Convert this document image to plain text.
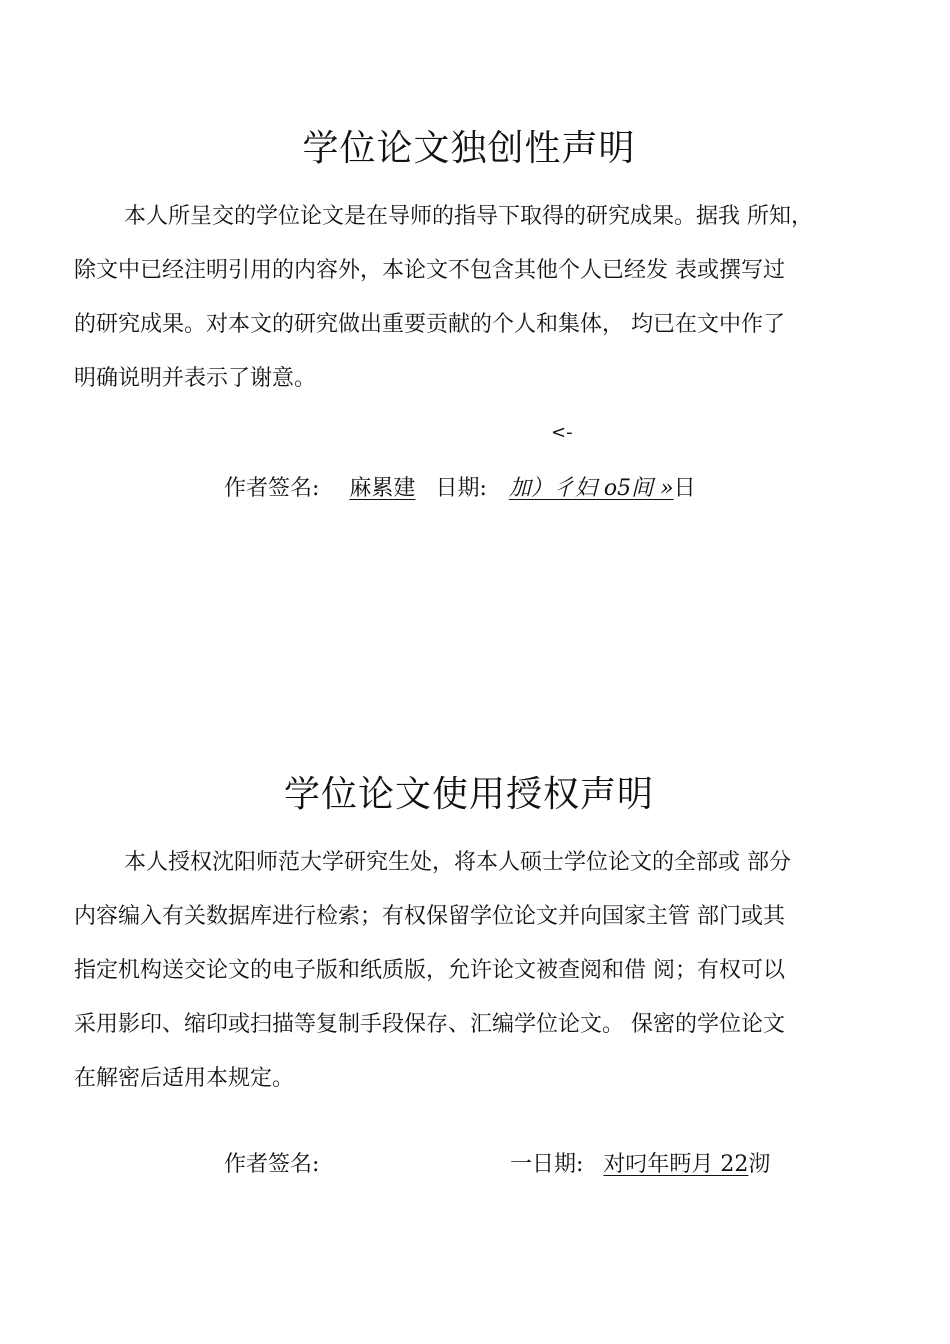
学位论文独创性声明
本人所呈交的学位论文是在导师的指导下取得的研究成果。据我 所知，
除文中已经注明引用的内容外，本论文不包含其他个人已经发 表或撰写过
的研究成果。对本文的研究做出重要贡献的个人和集体， 均已在文中作了
明确说明并表示了谢意。
<-
作者签名: 麻累建 日期: 加）彳妇 o5间 »日
学位论文使用授权声明
本人授权沈阳师范大学研究生处，将本人硕士学位论文的全部或 部分
内容编入有关数据库进行检索；有权保留学位论文并向国家主管 部门或其
指定机构送交论文的电子版和纸质版，允许论文被查阅和借 阅；有权可以
采用影印、缩印或扫描等复制手段保存、汇编学位论文。 保密的学位论文
在解密后适用本规定。
作者签名:	一日期: 对叼年眄月 22沏
